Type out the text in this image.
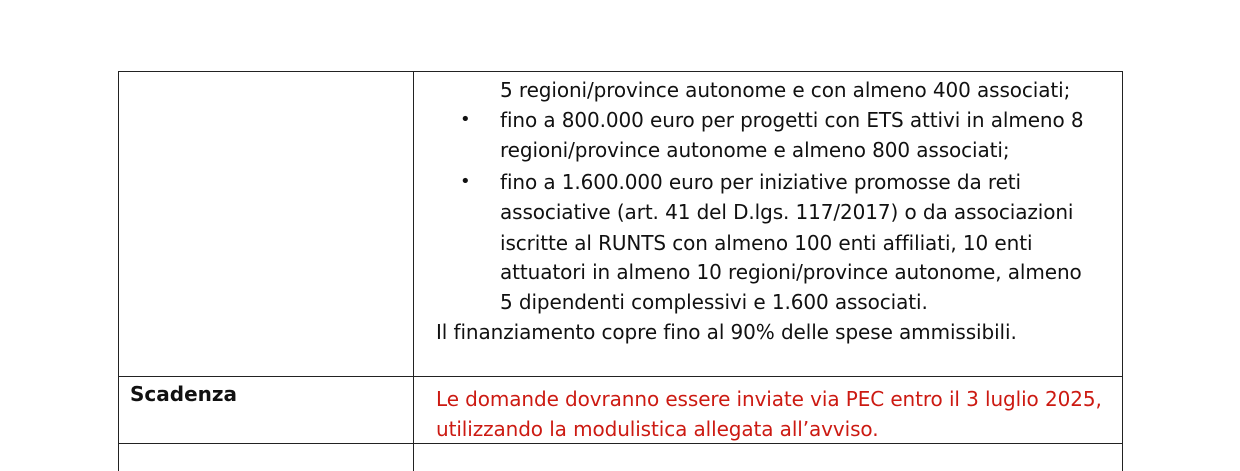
5 regioni/province autonome e con almeno 400 associati;
• fino a 800.000 euro per progetti con ETS attivi in almeno 8
regioni/province autonome e almeno 800 associati;
• fino a 1.600.000 euro per iniziative promosse da reti
associative (art. 41 del D.lgs. 117/2017) o da associazioni
iscritte al RUNTS con almeno 100 enti affiliati, 10 enti
attuatori in almeno 10 regioni/province autonome, almeno
5 dipendenti complessivi e 1.600 associati.
Il finanziamento copre fino al 90% delle spese ammissibili.
Scadenza	Le domande dovranno essere inviate via PEC entro il 3 luglio 2025,
utilizzando la modulistica allegata all’avviso.
